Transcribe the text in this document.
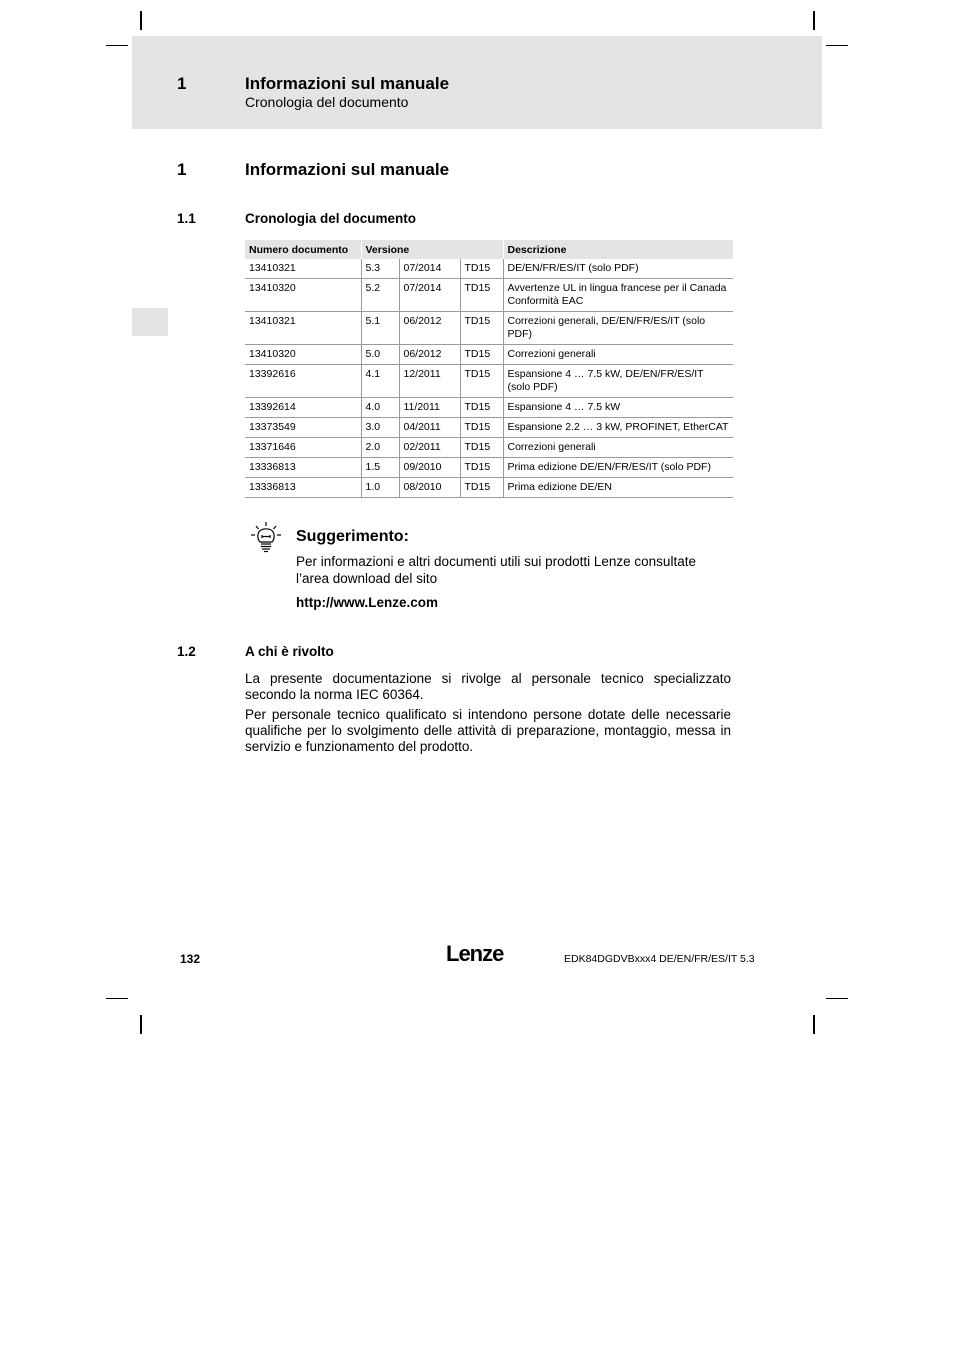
1	Informazioni sul manuale
Cronologia del documento
1	Informazioni sul manuale
1.1	Cronologia del documento
Numero documento	Versione			Descrizione
13410321	5.3	07/2014	TD15	DE/EN/FR/ES/IT (solo PDF)
13410320	5.2	07/2014	TD15	Avvertenze UL in lingua francese per il Canada
Conformità EAC
13410321	5.1	06/2012	TD15	Correzioni generali, DE/EN/FR/ES/IT (solo PDF)
13410320	5.0	06/2012	TD15	Correzioni generali
13392616	4.1	12/2011	TD15	Espansione 4 … 7.5 kW, DE/EN/FR/ES/IT (solo PDF)
13392614	4.0	11/2011	TD15	Espansione 4 … 7.5 kW
13373549	3.0	04/2011	TD15	Espansione 2.2 … 3 kW, PROFINET, EtherCAT
13371646	2.0	02/2011	TD15	Correzioni generali
13336813	1.5	09/2010	TD15	Prima edizione DE/EN/FR/ES/IT (solo PDF)
13336813	1.0	08/2010	TD15	Prima edizione DE/EN
Suggerimento:
Per informazioni e altri documenti utili sui prodotti Lenze consultate l’area download del sito
http://www.Lenze.com
1.2	A chi è rivolto
La presente documentazione si rivolge al personale tecnico specializzato secondo la norma IEC 60364.
Per personale tecnico qualificato si intendono persone dotate delle necessarie qualifiche per lo svolgimento delle attività di preparazione, montaggio, messa in servizio e funzionamento del prodotto.
132	Lenze	EDK84DGDVBxxx4 DE/EN/FR/ES/IT 5.3
